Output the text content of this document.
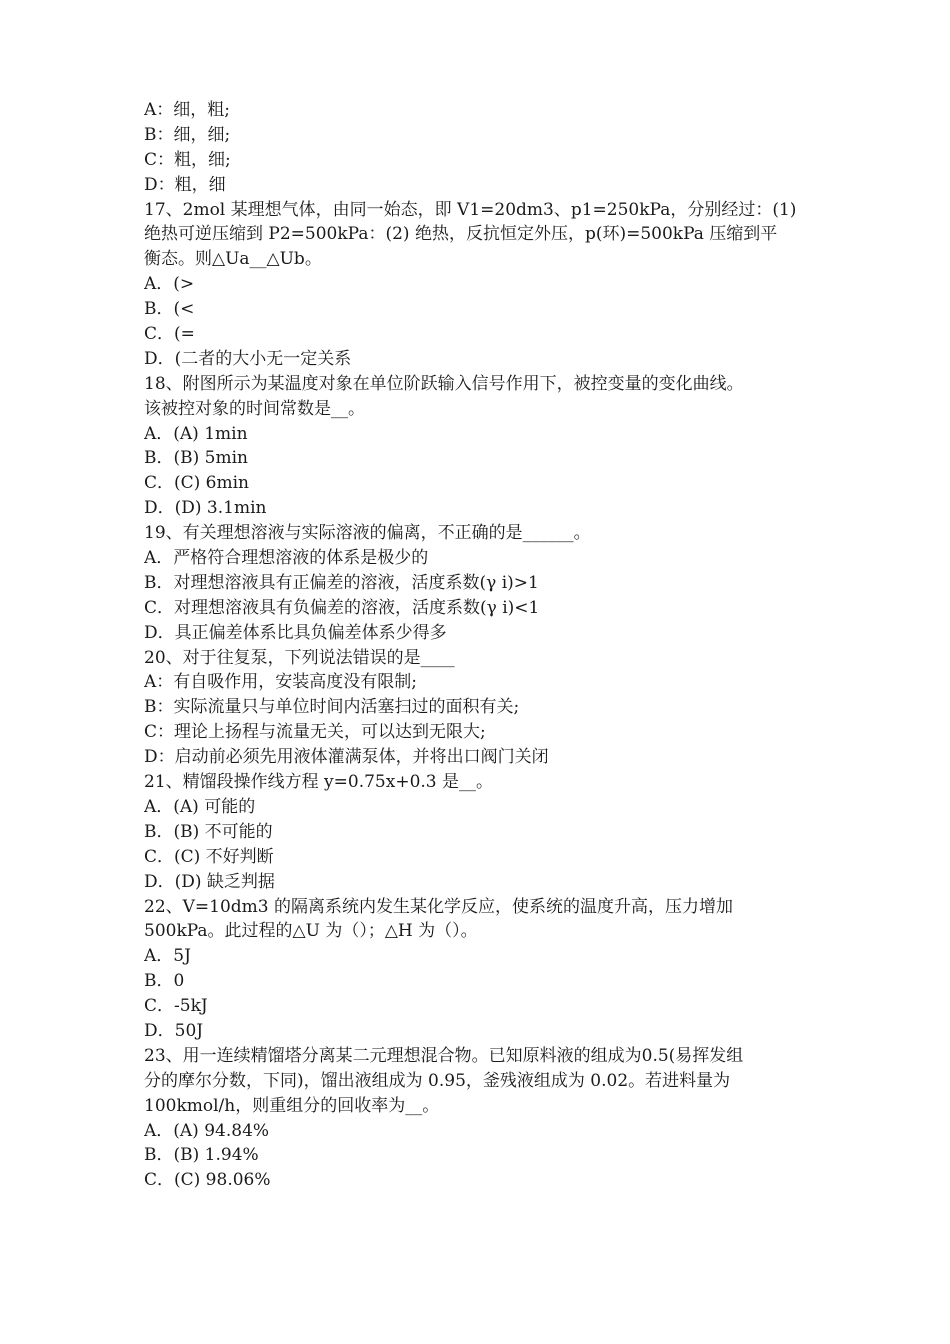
A：细，粗;
B：细，细;
C：粗，细;
D：粗，细
17、2mol 某理想气体，由同一始态，即 V1=20dm3、p1=250kPa，分别经过：(1)
绝热可逆压缩到 P2=500kPa：(2) 绝热，反抗恒定外压，p(环)=500kPa 压缩到平
衡态。则△Ua__△Ub。
A．(>
B．(<
C．(=
D．(二者的大小无一定关系
18、附图所示为某温度对象在单位阶跃输入信号作用下，被控变量的变化曲线。
该被控对象的时间常数是__。
A．(A) 1min
B．(B) 5min
C．(C) 6min
D．(D) 3.1min
19、有关理想溶液与实际溶液的偏离，不正确的是______。
A．严格符合理想溶液的体系是极少的
B．对理想溶液具有正偏差的溶液，活度系数(γ i)>1
C．对理想溶液具有负偏差的溶液，活度系数(γ i)<1
D．具正偏差体系比具负偏差体系少得多
20、对于往复泵，下列说法错误的是____
A：有自吸作用，安装高度没有限制;
B：实际流量只与单位时间内活塞扫过的面积有关;
C：理论上扬程与流量无关，可以达到无限大;
D：启动前必须先用液体灌满泵体，并将出口阀门关闭
21、精馏段操作线方程 y=0.75x+0.3 是__。
A．(A) 可能的
B．(B) 不可能的
C．(C) 不好判断
D．(D) 缺乏判据
22、V=10dm3 的隔离系统内发生某化学反应，使系统的温度升高，压力增加
500kPa。此过程的△U 为（）；△H 为（）。
A．5J
B．0
C．-5kJ
D．50J
23、用一连续精馏塔分离某二元理想混合物。已知原料液的组成为0.5(易挥发组
分的摩尔分数，下同)，馏出液组成为 0.95，釜残液组成为 0.02。若进料量为
100kmol/h，则重组分的回收率为__。
A．(A) 94.84%
B．(B) 1.94%
C．(C) 98.06%
